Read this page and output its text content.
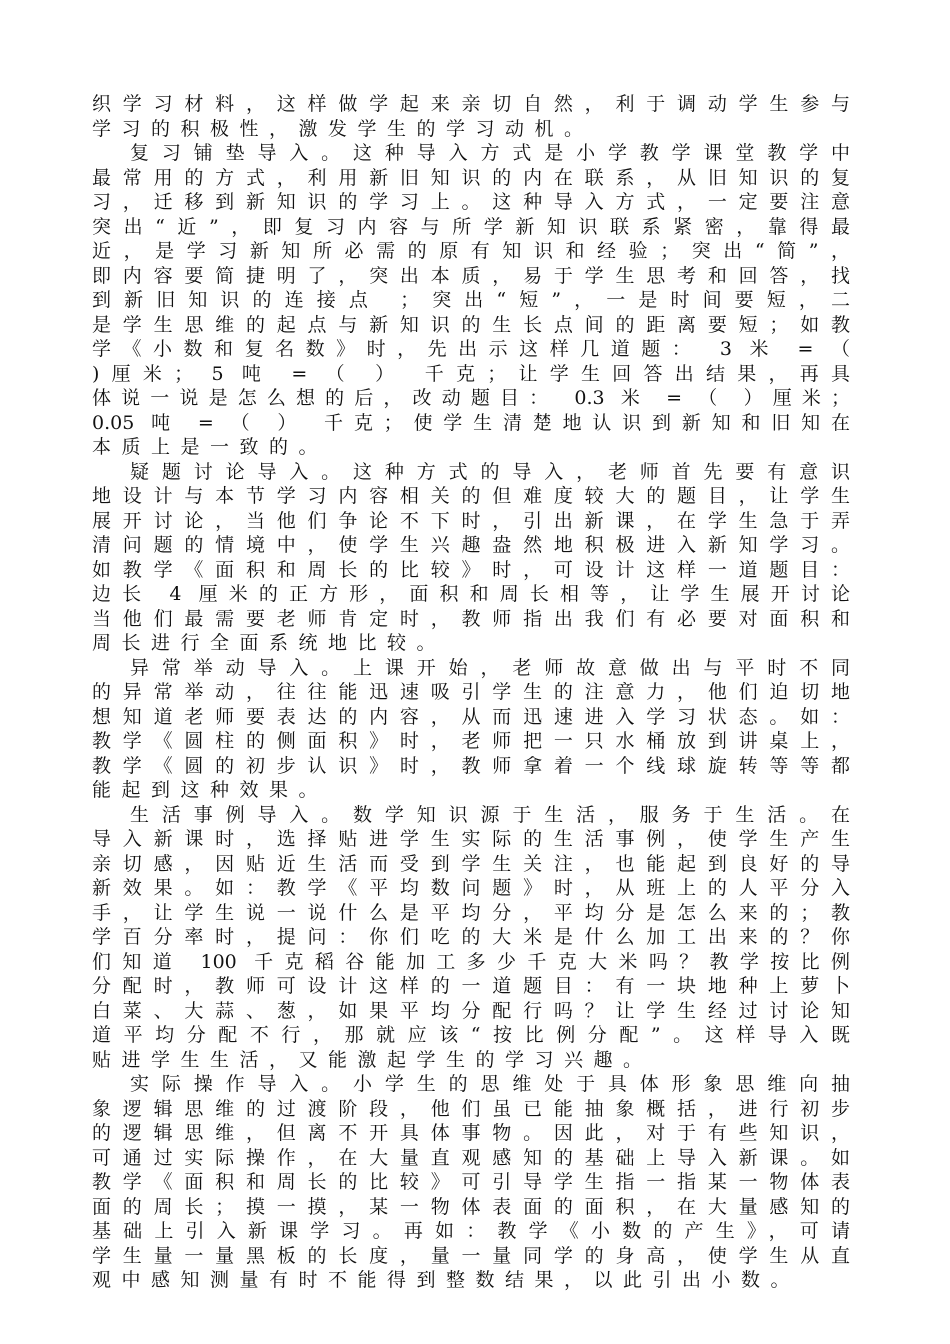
织学习材料，这样做学起来亲切自然，利于调动学生参与
学习的积极性，激发学生的学习动机。
复习铺垫导入。这种导入方式是小学教学课堂教学中
最常用的方式，利用新旧知识的内在联系，从旧知识的复
习，迁移到新知识的学习上。这种导入方式，一定要注意
突出“近”，即复习内容与所学新知识联系紧密，靠得最
近，是学习新知所必需的原有知识和经验；突出“简”，
即内容要简捷明了，突出本质，易于学生思考和回答，找
到新旧知识的连接点 ；突出“短”，一是时间要短，二
是学生思维的起点与新知识的生长点间的距离要短；如教
学《小数和复名数》时，先出示这样几道题： 3 米 = （
)厘米； 5 吨 = （ ） 千克；让学生回答出结果，再具
体说一说是怎么想的后，改动题目： 0.3 米 = （ ）厘米；
0.05 吨 = （ ） 千克；使学生清楚地认识到新知和旧知在
本质上是一致的。
疑题讨论导入。这种方式的导入，老师首先要有意识
地设计与本节学习内容相关的但难度较大的题目，让学生
展开讨论，当他们争论不下时，引出新课，在学生急于弄
清问题的情境中，使学生兴趣盎然地积极进入新知学习。
如教学《面积和周长的比较》时，可设计这样一道题目：
边长 4 厘米的正方形，面积和周长相等，让学生展开讨论
当他们最需要老师肯定时，教师指出我们有必要对面积和
周长进行全面系统地比较。
异常举动导入。上课开始，老师故意做出与平时不同
的异常举动，往往能迅速吸引学生的注意力，他们迫切地
想知道老师要表达的内容，从而迅速进入学习状态。如：
教学《圆柱的侧面积》时，老师把一只水桶放到讲桌上，
教学《圆的初步认识》时，教师拿着一个线球旋转等等都
能起到这种效果。
生活事例导入。数学知识源于生活，服务于生活。在
导入新课时，选择贴进学生实际的生活事例，使学生产生
亲切感，因贴近生活而受到学生关注，也能起到良好的导
新效果。如：教学《平均数问题》时，从班上的人平分入
手，让学生说一说什么是平均分，平均分是怎么来的；教
学百分率时，提问：你们吃的大米是什么加工出来的？你
们知道 100 千克稻谷能加工多少千克大米吗？教学按比例
分配时，教师可设计这样的一道题目：有一块地种上萝卜
白菜、大蒜、葱，如果平均分配行吗？让学生经过讨论知
道平均分配不行，那就应该“按比例分配”。这样导入既
贴进学生生活，又能激起学生的学习兴趣。
实际操作导入。小学生的思维处于具体形象思维向抽
象逻辑思维的过渡阶段，他们虽已能抽象概括，进行初步
的逻辑思维，但离不开具体事物。因此，对于有些知识，
可通过实际操作，在大量直观感知的基础上导入新课。如
教学《面积和周长的比较》可引导学生指一指某一物体表
面的周长；摸一摸，某一物体表面的面积，在大量感知的
基础上引入新课学习。再如：教学《小数的产生》，可请
学生量一量黑板的长度，量一量同学的身高，使学生从直
观中感知测量有时不能得到整数结果，以此引出小数。
